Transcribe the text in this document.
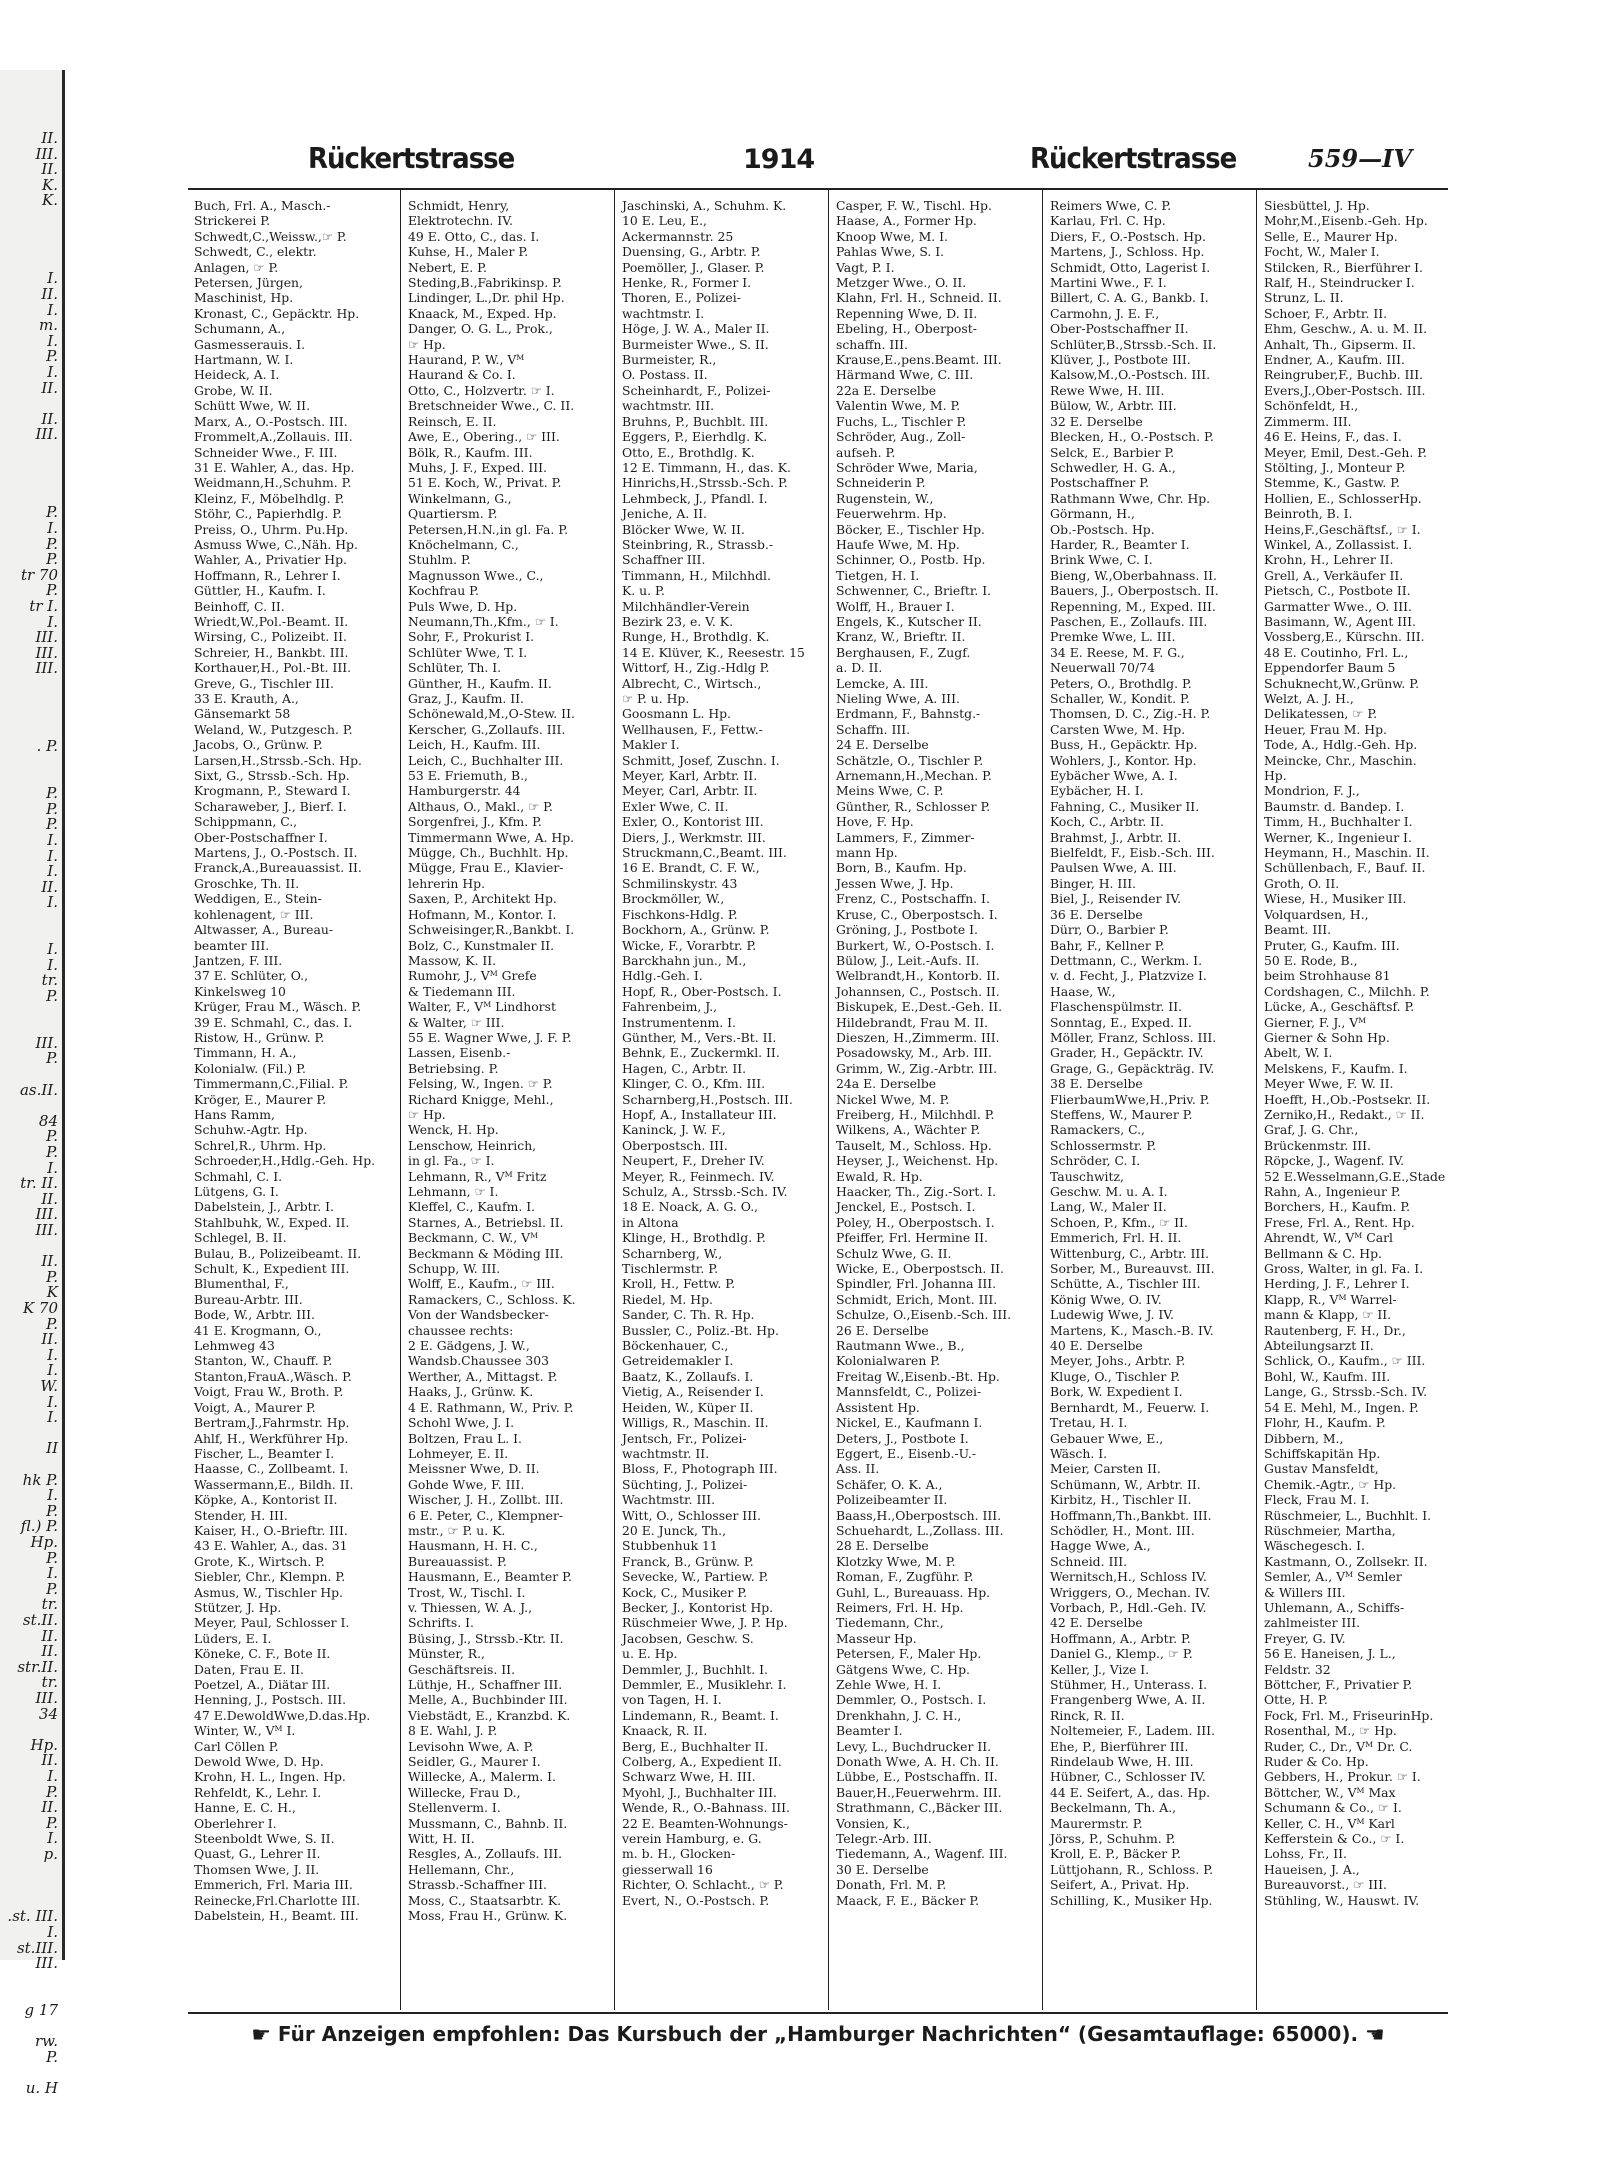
II.
III.
II.
K.
K.
I.
II.
I.
m.
I.
P.
I.
II.
II.
III.
P.
I.
P.
P.
tr 70
P.
tr I.
I.
III.
III.
III.
. P.
P.
P.
P.
I.
I.
I.
II.
I.
I.
I.
tr.
P.
III.
P.
as.II.
84
P.
P.
I.
tr. II.
II.
III.
III.
II.
P.
K
K 70
P.
II.
I.
I.
W.
I.
I.
II
hk P.
I.
P.
fl.) P.
Hp.
P.
I.
P.
tr.
st.II.
II.
II.
str.II.
tr.
III.
34
Hp.
II.
I.
P.
II.
P.
I.
p.
.st. III.
I.
st.III.
III.
g 17
rw.
P.
u. H
Rückertstrasse	1914	Rückertstrasse	559—IV
Buch, Frl. A., Masch.-
Strickerei P.
Schwedt,C.,Weissw.,☞ P.
Schwedt, C., elektr.
Anlagen, ☞ P.
Petersen, Jürgen,
Maschinist, Hp.
Kronast, C., Gepäcktr. Hp.
Schumann, A.,
Gasmesserauis. I.
Hartmann, W. I.
Heideck, A. I.
Grobe, W. II.
Schütt Wwe, W. II.
Marx, A., O.-Postsch. III.
Frommelt,A.,Zollauis. III.
Schneider Wwe., F. III.
31 E. Wahler, A., das. Hp.
Weidmann,H.,Schuhm. P.
Kleinz, F., Möbelhdlg. P.
Stöhr, C., Papierhdlg. P.
Preiss, O., Uhrm. Pu.Hp.
Asmuss Wwe, C.,Näh. Hp.
Wahler, A., Privatier Hp.
Hoffmann, R., Lehrer I.
Güttler, H., Kaufm. I.
Beinhoff, C. II.
Wriedt,W.,Pol.-Beamt. II.
Wirsing, C., Polizeibt. II.
Schreier, H., Bankbt. III.
Korthauer,H., Pol.-Bt. III.
Greve, G., Tischler III.
33 E. Krauth, A.,
Gänsemarkt 58
Weland, W., Putzgesch. P.
Jacobs, O., Grünw. P.
Larsen,H.,Strssb.-Sch. Hp.
Sixt, G., Strssb.-Sch. Hp.
Krogmann, P., Steward I.
Scharaweber, J., Bierf. I.
Schippmann, C.,
Ober-Postschaffner I.
Martens, J., O.-Postsch. II.
Franck,A.,Bureauassist. II.
Groschke, Th. II.
Weddigen, E., Stein-
kohlenagent, ☞ III.
Altwasser, A., Bureau-
beamter III.
Jantzen, F. III.
37 E. Schlüter, O.,
Kinkelsweg 10
Krüger, Frau M., Wäsch. P.
39 E. Schmahl, C., das. I.
Ristow, H., Grünw. P.
Timmann, H. A.,
Kolonialw. (Fil.) P.
Timmermann,C.,Filial. P.
Kröger, E., Maurer P.
Hans Ramm,
Schuhw.-Agtr. Hp.
Schrel,R., Uhrm. Hp.
Schroeder,H.,Hdlg.-Geh. Hp.
Schmahl, C. I.
Lütgens, G. I.
Dabelstein, J., Arbtr. I.
Stahlbuhk, W., Exped. II.
Schlegel, B. II.
Bulau, B., Polizeibeamt. II.
Schult, K., Expedient III.
Blumenthal, F.,
Bureau-Arbtr. III.
Bode, W., Arbtr. III.
41 E. Krogmann, O.,
Lehmweg 43
Stanton, W., Chauff. P.
Stanton,FrauA.,Wäsch. P.
Voigt, Frau W., Broth. P.
Voigt, A., Maurer P.
Bertram,J.,Fahrmstr. Hp.
Ahlf, H., Werkführer Hp.
Fischer, L., Beamter I.
Haasse, C., Zollbeamt. I.
Wassermann,E., Bildh. II.
Köpke, A., Kontorist II.
Stender, H. III.
Kaiser, H., O.-Brieftr. III.
43 E. Wahler, A., das. 31
Grote, K., Wirtsch. P.
Siebler, Chr., Klempn. P.
Asmus, W., Tischler Hp.
Stützer, J. Hp.
Meyer, Paul, Schlosser I.
Lüders, E. I.
Köneke, C. F., Bote II.
Daten, Frau E. II.
Poetzel, A., Diätar III.
Henning, J., Postsch. III.
47 E.DewoldWwe,D.das.Hp.
Winter, W., Vᴹ I.
Carl Cöllen P.
Dewold Wwe, D. Hp.
Krohn, H. L., Ingen. Hp.
Rehfeldt, K., Lehr. I.
Hanne, E. C. H.,
Oberlehrer I.
Steenboldt Wwe, S. II.
Quast, G., Lehrer II.
Thomsen Wwe, J. II.
Emmerich, Frl. Maria III.
Reinecke,Frl.Charlotte III.
Dabelstein, H., Beamt. III.
Schmidt, Henry,
Elektrotechn. IV.
49 E. Otto, C., das. I.
Kuhse, H., Maler P.
Nebert, E. P.
Steding,B.,Fabrikinsp. P.
Lindinger, L.,Dr. phil Hp.
Knaack, M., Exped. Hp.
Danger, O. G. L., Prok.,
☞ Hp.
Haurand, P. W., Vᴹ
Haurand & Co. I.
Otto, C., Holzvertr. ☞ I.
Bretschneider Wwe., C. II.
Reinsch, E. II.
Awe, E., Obering., ☞ III.
Bölk, R., Kaufm. III.
Muhs, J. F., Exped. III.
51 E. Koch, W., Privat. P.
Winkelmann, G.,
Quartiersm. P.
Petersen,H.N.,in gl. Fa. P.
Knöchelmann, C.,
Stuhlm. P.
Magnusson Wwe., C.,
Kochfrau P.
Puls Wwe, D. Hp.
Neumann,Th.,Kfm., ☞ I.
Sohr, F., Prokurist I.
Schlüter Wwe, T. I.
Schlüter, Th. I.
Günther, H., Kaufm. II.
Graz, J., Kaufm. II.
Schönewald,M.,O-Stew. II.
Kerscher, G.,Zollaufs. III.
Leich, H., Kaufm. III.
Leich, C., Buchhalter III.
53 E. Friemuth, B.,
Hamburgerstr. 44
Althaus, O., Makl., ☞ P.
Sorgenfrei, J., Kfm. P.
Timmermann Wwe, A. Hp.
Mügge, Ch., Buchhlt. Hp.
Mügge, Frau E., Klavier-
lehrerin Hp.
Saxen, P., Architekt Hp.
Hofmann, M., Kontor. I.
Schweisinger,R.,Bankbt. I.
Bolz, C., Kunstmaler II.
Massow, K. II.
Rumohr, J., Vᴹ Grefe
& Tiedemann III.
Walter, F., Vᴹ Lindhorst
& Walter, ☞ III.
55 E. Wagner Wwe, J. F. P.
Lassen, Eisenb.-
Betriebsing. P.
Felsing, W., Ingen. ☞ P.
Richard Knigge, Mehl.,
☞ Hp.
Wenck, H. Hp.
Lenschow, Heinrich,
in gl. Fa., ☞ I.
Lehmann, R., Vᴹ Fritz
Lehmann, ☞ I.
Kleffel, C., Kaufm. I.
Starnes, A., Betriebsl. II.
Beckmann, C. W., Vᴹ
Beckmann & Möding III.
Schupp, W. III.
Wolff, E., Kaufm., ☞ III.
Ramackers, C., Schloss. K.
Von der Wandsbecker-
chaussee rechts:
2 E. Gädgens, J. W.,
Wandsb.Chaussee 303
Werther, A., Mittagst. P.
Haaks, J., Grünw. K.
4 E. Rathmann, W., Priv. P.
Schohl Wwe, J. I.
Boltzen, Frau L. I.
Lohmeyer, E. II.
Meissner Wwe, D. II.
Gohde Wwe, F. III.
Wischer, J. H., Zollbt. III.
6 E. Peter, C., Klempner-
mstr., ☞ P. u. K.
Hausmann, H. H. C.,
Bureauassist. P.
Hausmann, E., Beamter P.
Trost, W., Tischl. I.
v. Thiessen, W. A. J.,
Schrifts. I.
Büsing, J., Strssb.-Ktr. II.
Münster, R.,
Geschäftsreis. II.
Lüthje, H., Schaffner III.
Melle, A., Buchbinder III.
Viebstädt, E., Kranzbd. K.
8 E. Wahl, J. P.
Levisohn Wwe, A. P.
Seidler, G., Maurer I.
Willecke, A., Malerm. I.
Willecke, Frau D.,
Stellenverm. I.
Mussmann, C., Bahnb. II.
Witt, H. II.
Resgles, A., Zollaufs. III.
Hellemann, Chr.,
Strassb.-Schaffner III.
Moss, C., Staatsarbtr. K.
Moss, Frau H., Grünw. K.
Jaschinski, A., Schuhm. K.
10 E. Leu, E.,
Ackermannstr. 25
Duensing, G., Arbtr. P.
Poemöller, J., Glaser. P.
Henke, R., Former I.
Thoren, E., Polizei-
wachtmstr. I.
Höge, J. W. A., Maler II.
Burmeister Wwe., S. II.
Burmeister, R.,
O. Postass. II.
Scheinhardt, F., Polizei-
wachtmstr. III.
Bruhns, P., Buchblt. III.
Eggers, P., Eierhdlg. K.
Otto, E., Brothdlg. K.
12 E. Timmann, H., das. K.
Hinrichs,H.,Strssb.-Sch. P.
Lehmbeck, J., Pfandl. I.
Jeniche, A. II.
Blöcker Wwe, W. II.
Steinbring, R., Strassb.-
Schaffner III.
Timmann, H., Milchhdl.
K. u. P.
Milchhändler-Verein
Bezirk 23, e. V. K.
Runge, H., Brothdlg. K.
14 E. Klüver, K., Reesestr. 15
Wittorf, H., Zig.-Hdlg P.
Albrecht, C., Wirtsch.,
☞ P. u. Hp.
Goosmann L. Hp.
Wellhausen, F., Fettw.-
Makler I.
Schmitt, Josef, Zuschn. I.
Meyer, Karl, Arbtr. II.
Meyer, Carl, Arbtr. II.
Exler Wwe, C. II.
Exler, O., Kontorist III.
Diers, J., Werkmstr. III.
Struckmann,C.,Beamt. III.
16 E. Brandt, C. F. W.,
Schmilinskystr. 43
Brockmöller, W.,
Fischkons-Hdlg. P.
Bockhorn, A., Grünw. P.
Wicke, F., Vorarbtr. P.
Barckhahn jun., M.,
Hdlg.-Geh. I.
Hopf, R., Ober-Postsch. I.
Fahrenbeim, J.,
Instrumentenm. I.
Günther, M., Vers.-Bt. II.
Behnk, E., Zuckermkl. II.
Hagen, C., Arbtr. II.
Klinger, C. O., Kfm. III.
Scharnberg,H.,Postsch. III.
Hopf, A., Installateur III.
Kaninck, J. W. F.,
Oberpostsch. III.
Neupert, F., Dreher IV.
Meyer, R., Feinmech. IV.
Schulz, A., Strssb.-Sch. IV.
18 E. Noack, A. G. O.,
in Altona
Klinge, H., Brothdlg. P.
Scharnberg, W.,
Tischlermstr. P.
Kroll, H., Fettw. P.
Riedel, M. Hp.
Sander, C. Th. R. Hp.
Bussler, C., Poliz.-Bt. Hp.
Böckenhauer, C.,
Getreidemakler I.
Baatz, K., Zollaufs. I.
Vietig, A., Reisender I.
Heiden, W., Küper II.
Willigs, R., Maschin. II.
Jentsch, Fr., Polizei-
wachtmstr. II.
Bloss, F., Photograph III.
Süchting, J., Polizei-
Wachtmstr. III.
Witt, O., Schlosser III.
20 E. Junck, Th.,
Stubbenhuk 11
Franck, B., Grünw. P.
Sevecke, W., Partiew. P.
Kock, C., Musiker P.
Becker, J., Kontorist Hp.
Rüschmeier Wwe, J. P. Hp.
Jacobsen, Geschw. S.
u. E. Hp.
Demmler, J., Buchhlt. I.
Demmler, E., Musiklehr. I.
von Tagen, H. I.
Lindemann, R., Beamt. I.
Knaack, R. II.
Berg, E., Buchhalter II.
Colberg, A., Expedient II.
Schwarz Wwe, H. III.
Myohl, J., Buchhalter III.
Wende, R., O.-Bahnass. III.
22 E. Beamten-Wohnungs-
verein Hamburg, e. G.
m. b. H., Glocken-
giesserwall 16
Richter, O. Schlacht., ☞ P.
Evert, N., O.-Postsch. P.
Casper, F. W., Tischl. Hp.
Haase, A., Former Hp.
Knoop Wwe, M. I.
Pahlas Wwe, S. I.
Vagt, P. I.
Metzger Wwe., O. II.
Klahn, Frl. H., Schneid. II.
Repenning Wwe, D. II.
Ebeling, H., Oberpost-
schaffn. III.
Krause,E.,pens.Beamt. III.
Härmand Wwe, C. III.
22a E. Derselbe
Valentin Wwe, M. P.
Fuchs, L., Tischler P.
Schröder, Aug., Zoll-
aufseh. P.
Schröder Wwe, Maria,
Schneiderin P.
Rugenstein, W.,
Feuerwehrm. Hp.
Böcker, E., Tischler Hp.
Haufe Wwe, M. Hp.
Schinner, O., Postb. Hp.
Tietgen, H. I.
Schwenner, C., Brieftr. I.
Wolff, H., Brauer I.
Engels, K., Kutscher II.
Kranz, W., Brieftr. II.
Berghausen, F., Zugf.
a. D. II.
Lemcke, A. III.
Nieling Wwe, A. III.
Erdmann, F., Bahnstg.-
Schaffn. III.
24 E. Derselbe
Schätzle, O., Tischler P.
Arnemann,H.,Mechan. P.
Meins Wwe, C. P.
Günther, R., Schlosser P.
Hove, F. Hp.
Lammers, F., Zimmer-
mann Hp.
Born, B., Kaufm. Hp.
Jessen Wwe, J. Hp.
Frenz, C., Postschaffn. I.
Kruse, C., Oberpostsch. I.
Gröning, J., Postbote I.
Burkert, W., O-Postsch. I.
Bülow, J., Leit.-Aufs. II.
Welbrandt,H., Kontorb. II.
Johannsen, C., Postsch. II.
Biskupek, E.,Dest.-Geh. II.
Hildebrandt, Frau M. II.
Dieszen, H.,Zimmerm. III.
Posadowsky, M., Arb. III.
Grimm, W., Zig.-Arbtr. III.
24a E. Derselbe
Nickel Wwe, M. P.
Freiberg, H., Milchhdl. P.
Wilkens, A., Wächter P.
Tauselt, M., Schloss. Hp.
Heyser, J., Weichenst. Hp.
Ewald, R. Hp.
Haacker, Th., Zig.-Sort. I.
Jenckel, E., Postsch. I.
Poley, H., Oberpostsch. I.
Pfeiffer, Frl. Hermine II.
Schulz Wwe, G. II.
Wicke, E., Oberpostsch. II.
Spindler, Frl. Johanna III.
Schmidt, Erich, Mont. III.
Schulze, O.,Eisenb.-Sch. III.
26 E. Derselbe
Rautmann Wwe., B.,
Kolonialwaren P.
Freitag W.,Eisenb.-Bt. Hp.
Mannsfeldt, C., Polizei-
Assistent Hp.
Nickel, E., Kaufmann I.
Deters, J., Postbote I.
Eggert, E., Eisenb.-U.-
Ass. II.
Schäfer, O. K. A.,
Polizeibeamter II.
Baass,H.,Oberpostsch. III.
Schuehardt, L.,Zollass. III.
28 E. Derselbe
Klotzky Wwe, M. P.
Roman, F., Zugführ. P.
Guhl, L., Bureauass. Hp.
Reimers, Frl. H. Hp.
Tiedemann, Chr.,
Masseur Hp.
Petersen, F., Maler Hp.
Gätgens Wwe, C. Hp.
Zehle Wwe, H. I.
Demmler, O., Postsch. I.
Drenkhahn, J. C. H.,
Beamter I.
Levy, L., Buchdrucker II.
Donath Wwe, A. H. Ch. II.
Lübbe, E., Postschaffn. II.
Bauer,H.,Feuerwehrm. III.
Strathmann, C.,Bäcker III.
Vonsien, K.,
Telegr.-Arb. III.
Tiedemann, A., Wagenf. III.
30 E. Derselbe
Donath, Frl. M. P.
Maack, F. E., Bäcker P.
Reimers Wwe, C. P.
Karlau, Frl. C. Hp.
Diers, F., O.-Postsch. Hp.
Martens, J., Schloss. Hp.
Schmidt, Otto, Lagerist I.
Martini Wwe., F. I.
Billert, C. A. G., Bankb. I.
Carmohn, J. E. F.,
Ober-Postschaffner II.
Schlüter,B.,Strssb.-Sch. II.
Klüver, J., Postbote III.
Kalsow,M.,O.-Postsch. III.
Rewe Wwe, H. III.
Bülow, W., Arbtr. III.
32 E. Derselbe
Blecken, H., O.-Postsch. P.
Selck, E., Barbier P.
Schwedler, H. G. A.,
Postschaffner P.
Rathmann Wwe, Chr. Hp.
Görmann, H.,
Ob.-Postsch. Hp.
Harder, R., Beamter I.
Brink Wwe, C. I.
Bieng, W.,Oberbahnass. II.
Bauers, J., Oberpostsch. II.
Repenning, M., Exped. III.
Paschen, E., Zollaufs. III.
Premke Wwe, L. III.
34 E. Reese, M. F. G.,
Neuerwall 70/74
Peters, O., Brothdlg. P.
Schaller, W., Kondit. P.
Thomsen, D. C., Zig.-H. P.
Carsten Wwe, M. Hp.
Buss, H., Gepäcktr. Hp.
Wohlers, J., Kontor. Hp.
Eybächer Wwe, A. I.
Eybächer, H. I.
Fahning, C., Musiker II.
Koch, C., Arbtr. II.
Brahmst, J., Arbtr. II.
Bielfeldt, F., Eisb.-Sch. III.
Paulsen Wwe, A. III.
Binger, H. III.
Biel, J., Reisender IV.
36 E. Derselbe
Dürr, O., Barbier P.
Bahr, F., Kellner P.
Dettmann, C., Werkm. I.
v. d. Fecht, J., Platzvize I.
Haase, W.,
Flaschenspülmstr. II.
Sonntag, E., Exped. II.
Möller, Franz, Schloss. III.
Grader, H., Gepäcktr. IV.
Grage, G., Gepäckträg. IV.
38 E. Derselbe
FlierbaumWwe,H.,Priv. P.
Steffens, W., Maurer P.
Ramackers, C.,
Schlossermstr. P.
Schröder, C. I.
Tauschwitz,
Geschw. M. u. A. I.
Lang, W., Maler II.
Schoen, P., Kfm., ☞ II.
Emmerich, Frl. H. II.
Wittenburg, C., Arbtr. III.
Sorber, M., Bureauvst. III.
Schütte, A., Tischler III.
König Wwe, O. IV.
Ludewig Wwe, J. IV.
Martens, K., Masch.-B. IV.
40 E. Derselbe
Meyer, Johs., Arbtr. P.
Kluge, O., Tischler P.
Bork, W. Expedient I.
Bernhardt, M., Feuerw. I.
Tretau, H. I.
Gebauer Wwe, E.,
Wäsch. I.
Meier, Carsten II.
Schümann, W., Arbtr. II.
Kirbitz, H., Tischler II.
Hoffmann,Th.,Bankbt. III.
Schödler, H., Mont. III.
Hagge Wwe, A.,
Schneid. III.
Wernitsch,H., Schloss IV.
Wriggers, O., Mechan. IV.
Vorbach, P., Hdl.-Geh. IV.
42 E. Derselbe
Hoffmann, A., Arbtr. P.
Daniel G., Klemp., ☞ P.
Keller, J., Vize I.
Stühmer, H., Unterass. I.
Frangenberg Wwe, A. II.
Rinck, R. II.
Noltemeier, F., Ladem. III.
Ehe, P., Bierführer III.
Rindelaub Wwe, H. III.
Hübner, C., Schlosser IV.
44 E. Seifert, A., das. Hp.
Beckelmann, Th. A.,
Maurermstr. P.
Jörss, P., Schuhm. P.
Kroll, E. P., Bäcker P.
Lüttjohann, R., Schloss. P.
Seifert, A., Privat. Hp.
Schilling, K., Musiker Hp.
Siesbüttel, J. Hp.
Mohr,M.,Eisenb.-Geh. Hp.
Selle, E., Maurer Hp.
Focht, W., Maler I.
Stilcken, R., Bierführer I.
Ralf, H., Steindrucker I.
Strunz, L. II.
Schoer, F., Arbtr. II.
Ehm, Geschw., A. u. M. II.
Anhalt, Th., Gipserm. II.
Endner, A., Kaufm. III.
Reingruber,F., Buchb. III.
Evers,J.,Ober-Postsch. III.
Schönfeldt, H.,
Zimmerm. III.
46 E. Heins, F., das. I.
Meyer, Emil, Dest.-Geh. P.
Stölting, J., Monteur P.
Stemme, K., Gastw. P.
Hollien, E., SchlosserHp.
Beinroth, B. I.
Heins,F.,Geschäftsf., ☞ I.
Winkel, A., Zollassist. I.
Krohn, H., Lehrer II.
Grell, A., Verkäufer II.
Pietsch, C., Postbote II.
Garmatter Wwe., O. III.
Basimann, W., Agent III.
Vossberg,E., Kürschn. III.
48 E. Coutinho, Frl. L.,
Eppendorfer Baum 5
Schuknecht,W.,Grünw. P.
Welzt, A. J. H.,
Delikatessen, ☞ P.
Heuer, Frau M. Hp.
Tode, A., Hdlg.-Geh. Hp.
Meincke, Chr., Maschin.
Hp.
Mondrion, F. J.,
Baumstr. d. Bandep. I.
Timm, H., Buchhalter I.
Werner, K., Ingenieur I.
Heymann, H., Maschin. II.
Schüllenbach, F., Bauf. II.
Groth, O. II.
Wiese, H., Musiker III.
Volquardsen, H.,
Beamt. III.
Pruter, G., Kaufm. III.
50 E. Rode, B.,
beim Strohhause 81
Cordshagen, C., Milchh. P.
Lücke, A., Geschäftsf. P.
Gierner, F. J., Vᴹ
Gierner & Sohn Hp.
Abelt, W. I.
Melskens, F., Kaufm. I.
Meyer Wwe, F. W. II.
Hoefft, H.,Ob.-Postsekr. II.
Zerniko,H., Redakt., ☞ II.
Graf, J. G. Chr.,
Brückenmstr. III.
Röpcke, J., Wagenf. IV.
52 E.Wesselmann,G.E.,Stade
Rahn, A., Ingenieur P.
Borchers, H., Kaufm. P.
Frese, Frl. A., Rent. Hp.
Ahrendt, W., Vᴹ Carl
Bellmann & C. Hp.
Gross, Walter, in gl. Fa. I.
Herding, J. F., Lehrer I.
Klapp, R., Vᴹ Warrel-
mann & Klapp, ☞ II.
Rautenberg, F. H., Dr.,
Abteilungsarzt II.
Schlick, O., Kaufm., ☞ III.
Bohl, W., Kaufm. III.
Lange, G., Strssb.-Sch. IV.
54 E. Mehl, M., Ingen. P.
Flohr, H., Kaufm. P.
Dibbern, M.,
Schiffskapitän Hp.
Gustav Mansfeldt,
Chemik.-Agtr., ☞ Hp.
Fleck, Frau M. I.
Rüschmeier, L., Buchhlt. I.
Rüschmeier, Martha,
Wäschegesch. I.
Kastmann, O., Zollsekr. II.
Semler, A., Vᴹ Semler
& Willers III.
Uhlemann, A., Schiffs-
zahlmeister III.
Freyer, G. IV.
56 E. Haneisen, J. L.,
Feldstr. 32
Böttcher, F., Privatier P.
Otte, H. P.
Fock, Frl. M., FriseurinHp.
Rosenthal, M., ☞ Hp.
Ruder, C., Dr., Vᴹ Dr. C.
Ruder & Co. Hp.
Gebbers, H., Prokur. ☞ I.
Böttcher, W., Vᴹ Max
Schumann & Co., ☞ I.
Keller, C. H., Vᴹ Karl
Kefferstein & Co., ☞ I.
Lohss, Fr., II.
Haueisen, J. A.,
Bureauvorst., ☞ III.
Stühling, W., Hauswt. IV.
☛ Für Anzeigen empfohlen: Das Kursbuch der „Hamburger Nachrichten“ (Gesamtauflage: 65000). ☚
